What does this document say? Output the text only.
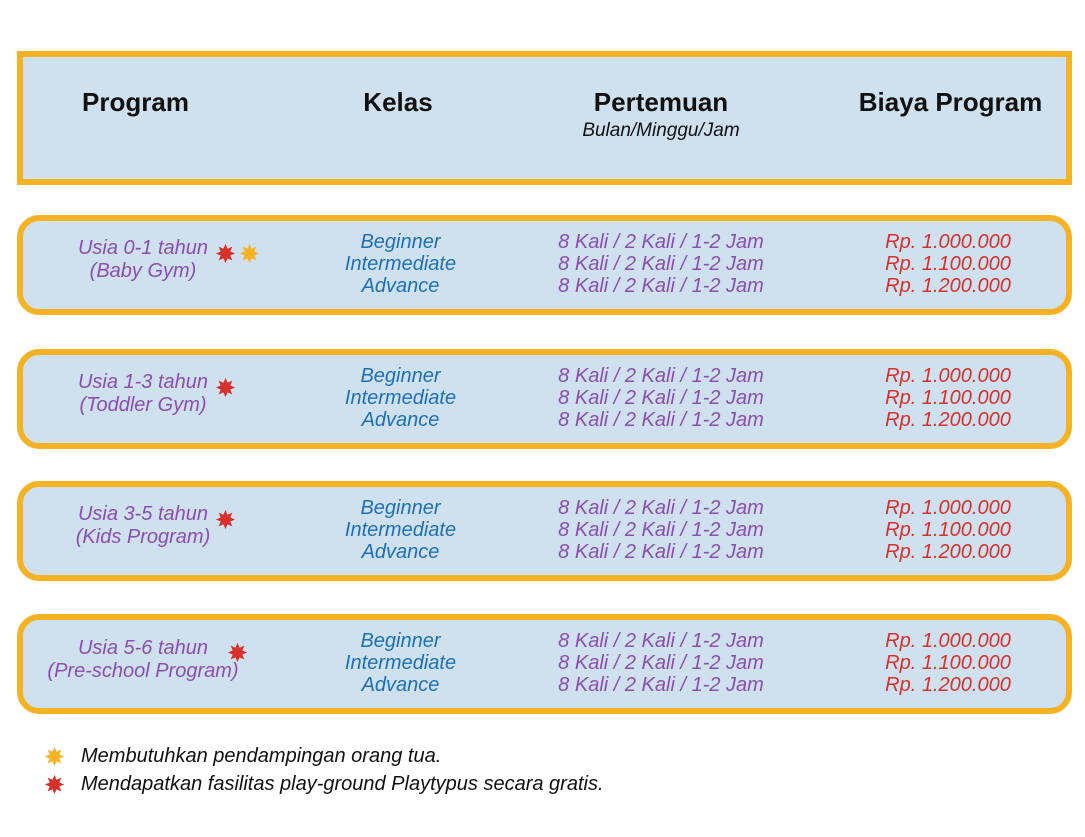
Program	Kelas	Pertemuan
Bulan/Minggu/Jam
Biaya Program
Usia 0-1 tahun
(Baby Gym)
Beginner
Intermediate
Advance
8 Kali / 2 Kali / 1-2 Jam
8 Kali / 2 Kali / 1-2 Jam
8 Kali / 2 Kali / 1-2 Jam
Rp. 1.000.000
Rp. 1.100.000
Rp. 1.200.000
Usia 1-3 tahun
(Toddler Gym)
Beginner
Intermediate
Advance
8 Kali / 2 Kali / 1-2 Jam
8 Kali / 2 Kali / 1-2 Jam
8 Kali / 2 Kali / 1-2 Jam
Rp. 1.000.000
Rp. 1.100.000
Rp. 1.200.000
Usia 3-5 tahun
(Kids Program)
Beginner
Intermediate
Advance
8 Kali / 2 Kali / 1-2 Jam
8 Kali / 2 Kali / 1-2 Jam
8 Kali / 2 Kali / 1-2 Jam
Rp. 1.000.000
Rp. 1.100.000
Rp. 1.200.000
Usia 5-6 tahun
(Pre-school Program)
Beginner
Intermediate
Advance
8 Kali / 2 Kali / 1-2 Jam
8 Kali / 2 Kali / 1-2 Jam
8 Kali / 2 Kali / 1-2 Jam
Rp. 1.000.000
Rp. 1.100.000
Rp. 1.200.000
Membutuhkan pendampingan orang tua.
Mendapatkan fasilitas play-ground Playtypus secara gratis.
